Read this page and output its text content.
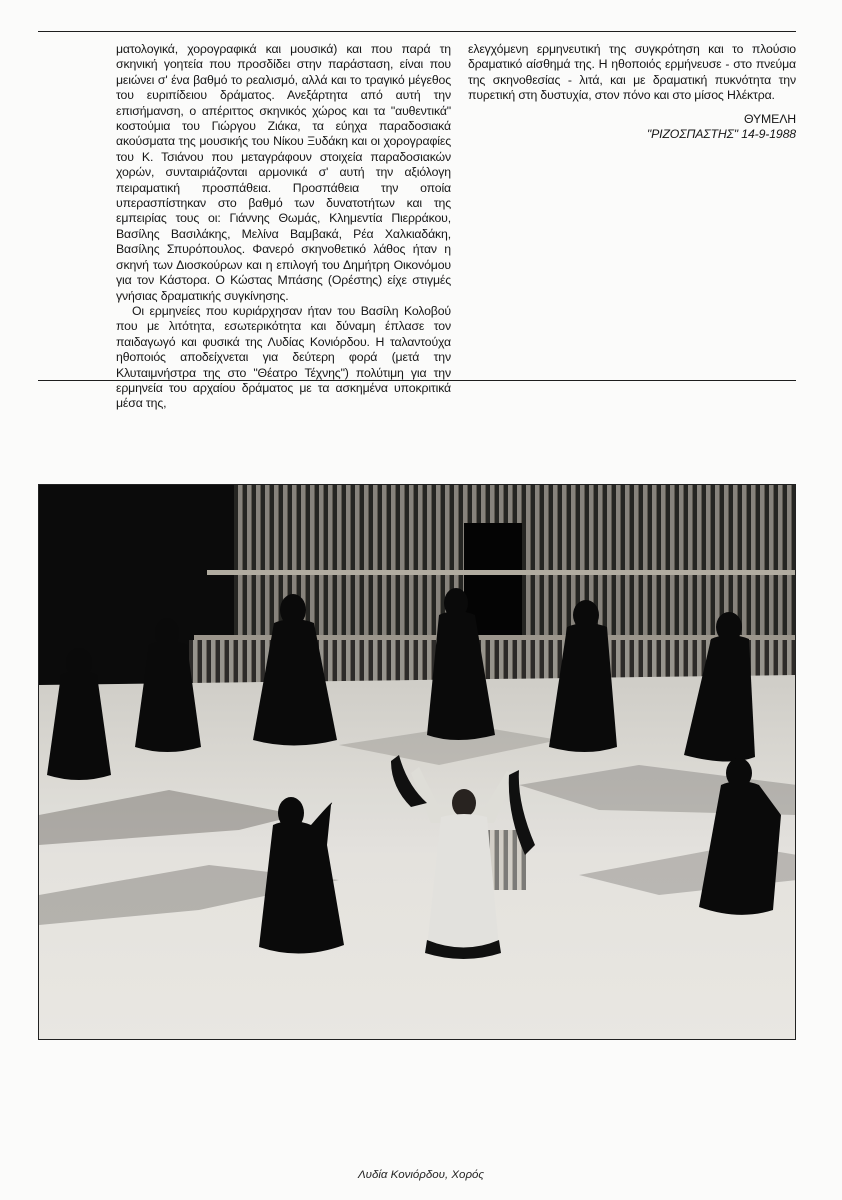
ματολογικά, χορογραφικά και μουσικά) και που παρά τη σκηνική γοητεία που προσδίδει στην παράσταση, είναι που μειώνει σ' ένα βαθμό το ρεαλισμό, αλλά και το τραγικό μέγεθος του ευριπίδειου δράματος. Ανεξάρτητα από αυτή την επισήμανση, ο απέριττος σκηνικός χώρος και τα "αυθεντικά" κοστούμια του Γιώργου Ζιάκα, τα εύηχα παραδοσιακά ακούσματα της μουσικής του Νίκου Ξυδάκη και οι χορογραφίες του Κ. Τσιάνου που μεταγράφουν στοιχεία παραδοσιακών χορών, συνταιριάζονται αρμονικά σ' αυτή την αξιόλογη πειραματική προσπάθεια. Προσπάθεια την οποία υπερασπίστηκαν στο βαθμό των δυνατοτήτων και της εμπειρίας τους οι: Γιάννης Θωμάς, Κλημεντία Πιερράκου, Βασίλης Βασιλάκης, Μελίνα Βαμβακά, Ρέα Χαλκιαδάκη, Βασίλης Σπυρόπουλος. Φανερό σκηνοθετικό λάθος ήταν η σκηνή των Διοσκούρων και η επιλογή του Δημήτρη Οικονόμου για τον Κάστορα. Ο Κώστας Μπάσης (Ορέστης) είχε στιγμές γνήσιας δραματικής συγκίνησης.

Οι ερμηνείες που κυριάρχησαν ήταν του Βασίλη Κολοβού που με λιτότητα, εσωτερικότητα και δύναμη έπλασε τον παιδαγωγό και φυσικά της Λυδίας Κονιόρδου. Η ταλαντούχα ηθοποιός αποδείχνεται για δεύτερη φορά (μετά την Κλυταιμνήστρα της στο "Θέατρο Τέχνης") πολύτιμη για την ερμηνεία του αρχαίου δράματος με τα ασκημένα υποκριτικά μέσα της,

ελεγχόμενη ερμηνευτική της συγκρότηση και το πλούσιο δραματικό αίσθημά της. Η ηθοποιός ερμήνευσε - στο πνεύμα της σκηνοθεσίας - λιτά, και με δραματική πυκνότητα την πυρετική στη δυστυχία, στον πόνο και στο μίσος Ηλέκτρα.

ΘΥΜΕΛΗ
"ΡΙΖΟΣΠΑΣΤΗΣ" 14-9-1988
Λυδία Κονιόρδου, Χορός
